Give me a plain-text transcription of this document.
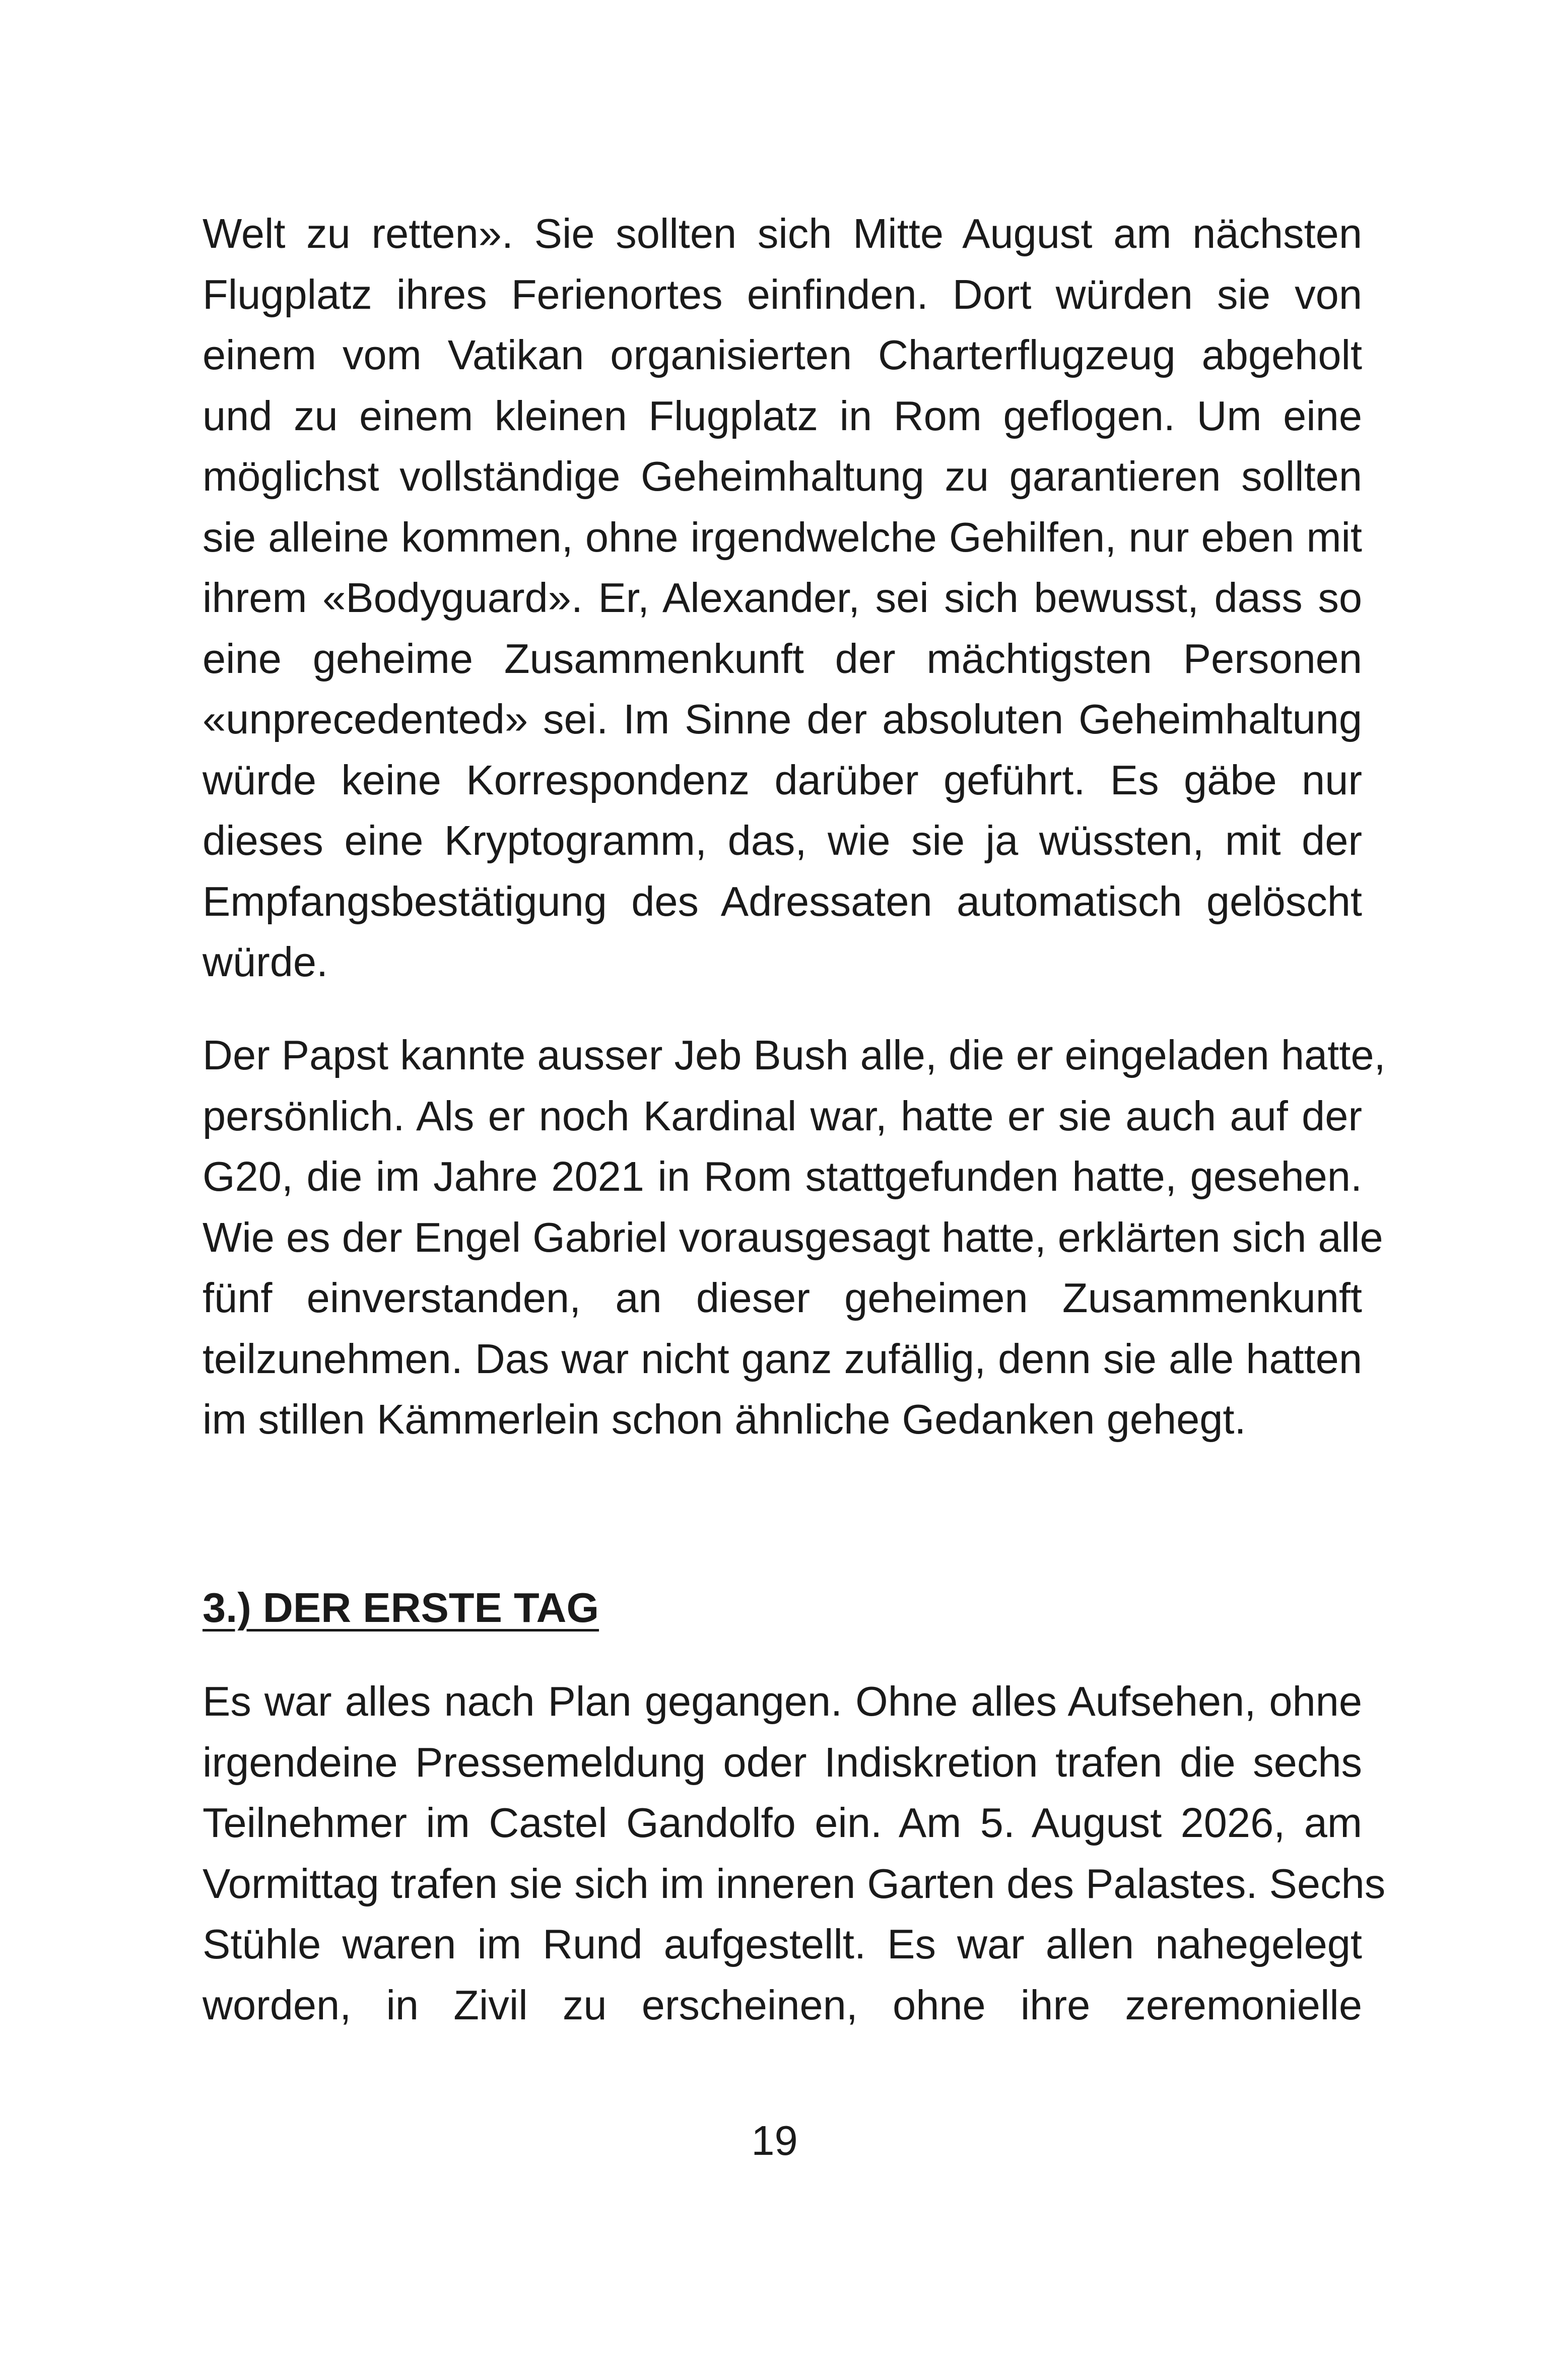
Welt zu retten». Sie sollten sich Mitte August am nächsten
Flugplatz ihres Ferienortes einfinden. Dort würden sie von
einem vom Vatikan organisierten Charterflugzeug abgeholt
und zu einem kleinen Flugplatz in Rom geflogen. Um eine
möglichst vollständige Geheimhaltung zu garantieren sollten
sie alleine kommen, ohne irgendwelche Gehilfen, nur eben mit
ihrem «Bodyguard». Er, Alexander, sei sich bewusst, dass so
eine geheime Zusammenkunft der mächtigsten Personen
«unprecedented» sei. Im Sinne der absoluten Geheimhaltung
würde keine Korrespondenz darüber geführt. Es gäbe nur
dieses eine Kryptogramm, das, wie sie ja wüssten, mit der
Empfangsbestätigung des Adressaten automatisch gelöscht
würde.
Der Papst kannte ausser Jeb Bush alle, die er eingeladen hatte,
persönlich. Als er noch Kardinal war, hatte er sie auch auf der
G20, die im Jahre 2021 in Rom stattgefunden hatte, gesehen.
Wie es der Engel Gabriel vorausgesagt hatte, erklärten sich alle
fünf einverstanden, an dieser geheimen Zusammenkunft
teilzunehmen. Das war nicht ganz zufällig, denn sie alle hatten
im stillen Kämmerlein schon ähnliche Gedanken gehegt.
3.) DER ERSTE TAG
Es war alles nach Plan gegangen. Ohne alles Aufsehen, ohne
irgendeine Pressemeldung oder Indiskretion trafen die sechs
Teilnehmer im Castel Gandolfo ein. Am 5. August 2026, am
Vormittag trafen sie sich im inneren Garten des Palastes. Sechs
Stühle waren im Rund aufgestellt. Es war allen nahegelegt
worden, in Zivil zu erscheinen, ohne ihre zeremonielle
19
